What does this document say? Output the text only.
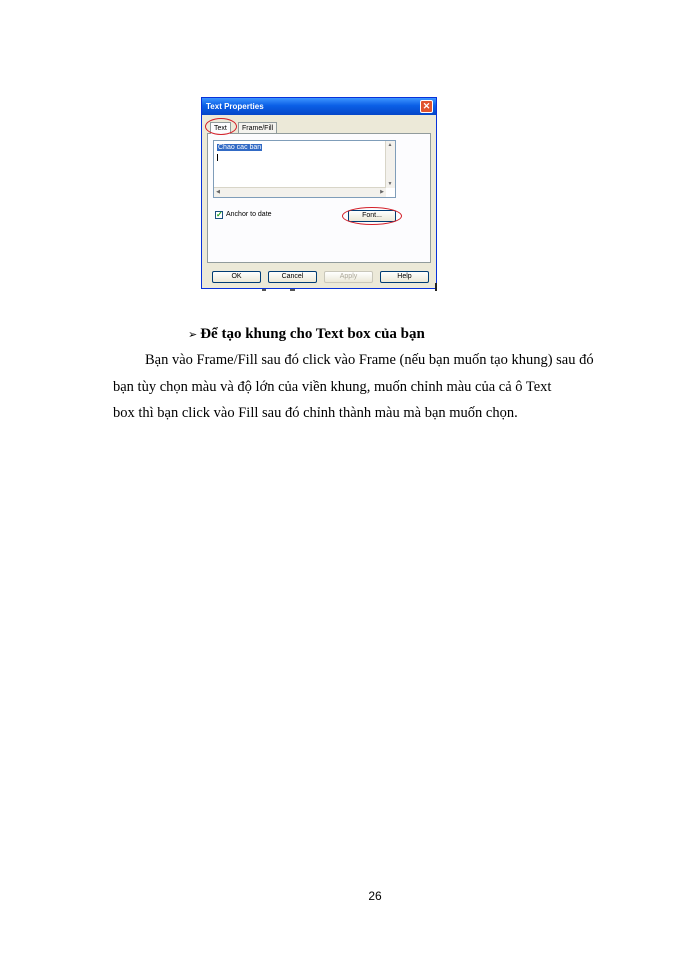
Text Properties	✕
Text	Frame/Fill
Chao cac ban	▲
▼
◀	▶
✓ Anchor to date	Font...
OK	Cancel	Apply	Help
➢ Để tạo khung cho Text box của bạn
Bạn vào Frame/Fill sau đó click vào Frame (nếu bạn muốn tạo khung) sau đó
bạn tùy chọn màu và độ lớn của viền khung, muốn chỉnh màu của cả ô Text
box thì bạn click vào Fill sau đó chỉnh thành màu mà bạn muốn chọn.
26
